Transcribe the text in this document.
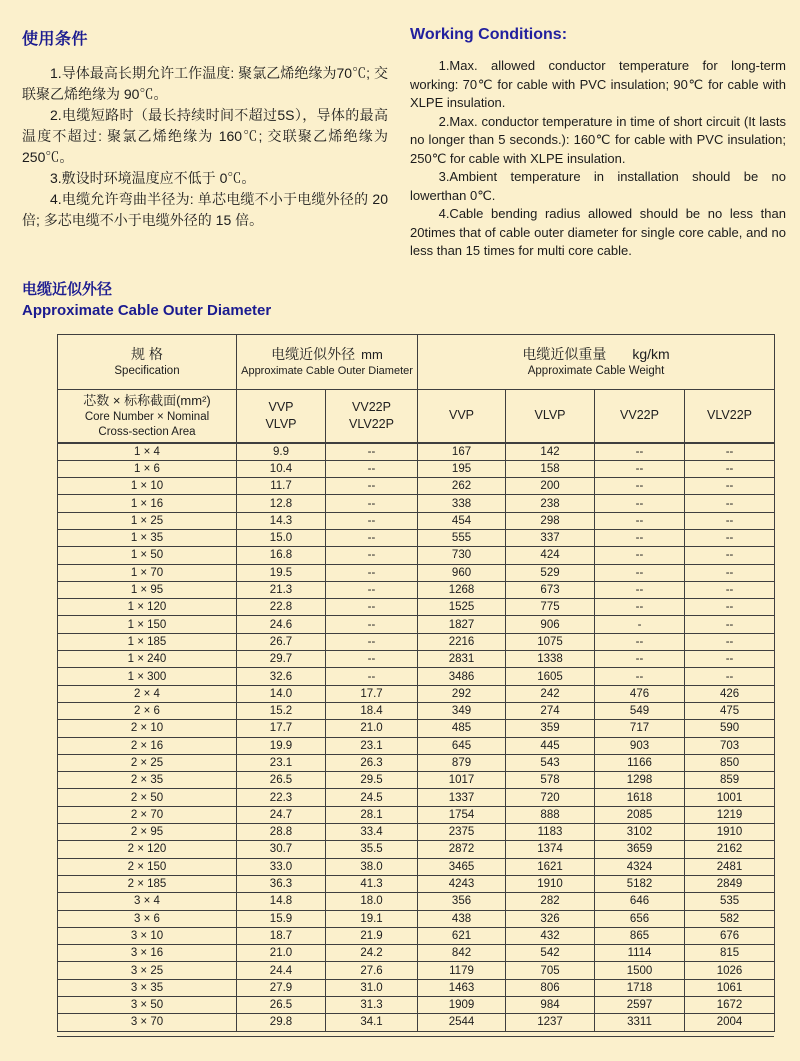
使用条件

1.导体最高长期允许工作温度: 聚氯乙烯绝缘为70℃; 交联聚乙烯绝缘为 90℃。

2.电缆短路时（最长持续时间不超过5S），导体的最高温度不超过: 聚氯乙烯绝缘为 160℃; 交联聚乙烯绝缘为 250℃。

3.敷设时环境温度应不低于 0℃。

4.电缆允许弯曲半径为: 单芯电缆不小于电缆外径的 20 倍; 多芯电缆不小于电缆外径的 15 倍。

Working Conditions:

1.Max. allowed conductor temperature for long-term working: 70℃ for cable with PVC insulation; 90℃ for cable with XLPE insulation.

2.Max. conductor temperature in time of short circuit (It lasts no longer than 5 seconds.): 160℃ for cable with PVC insulation; 250℃ for cable with XLPE insulation.

3.Ambient temperature in installation should be no lowerthan 0℃.

4.Cable bending radius allowed should be no less than 20times that of cable outer diameter for single core cable, and no less than 15 times for multi core cable.

电缆近似外径
Approximate Cable Outer Diameter
规 格
Specification	电缆近似外径 mm
Approximate Cable Outer Diameter		电缆近似重量 kg/km
Approximate Cable Weight			

芯数 × 标称截面(mm²)
Core Number × Nominal
Cross-section Area	VVP
VLVP	VV22P
VLV22P	VVP	VLVP	VV22P	VLV22P

1 × 4	9.9	--	167	142	--	--
1 × 6	10.4	--	195	158	--	--
1 × 10	11.7	--	262	200	--	--
1 × 16	12.8	--	338	238	--	--
1 × 25	14.3	--	454	298	--	--
1 × 35	15.0	--	555	337	--	--
1 × 50	16.8	--	730	424	--	--
1 × 70	19.5	--	960	529	--	--
1 × 95	21.3	--	1268	673	--	--
1 × 120	22.8	--	1525	775	--	--
1 × 150	24.6	--	1827	906	-	--
1 × 185	26.7	--	2216	1075	--	--
1 × 240	29.7	--	2831	1338	--	--
1 × 300	32.6	--	3486	1605	--	--
2 × 4	14.0	17.7	292	242	476	426
2 × 6	15.2	18.4	349	274	549	475
2 × 10	17.7	21.0	485	359	717	590
2 × 16	19.9	23.1	645	445	903	703
2 × 25	23.1	26.3	879	543	1166	850
2 × 35	26.5	29.5	1017	578	1298	859
2 × 50	22.3	24.5	1337	720	1618	1001
2 × 70	24.7	28.1	1754	888	2085	1219
2 × 95	28.8	33.4	2375	1183	3102	1910
2 × 120	30.7	35.5	2872	1374	3659	2162
2 × 150	33.0	38.0	3465	1621	4324	2481
2 × 185	36.3	41.3	4243	1910	5182	2849
3 × 4	14.8	18.0	356	282	646	535
3 × 6	15.9	19.1	438	326	656	582
3 × 10	18.7	21.9	621	432	865	676
3 × 16	21.0	24.2	842	542	1114	815
3 × 25	24.4	27.6	1179	705	1500	1026
3 × 35	27.9	31.0	1463	806	1718	1061
3 × 50	26.5	31.3	1909	984	2597	1672
3 × 70	29.8	34.1	2544	1237	3311	2004
